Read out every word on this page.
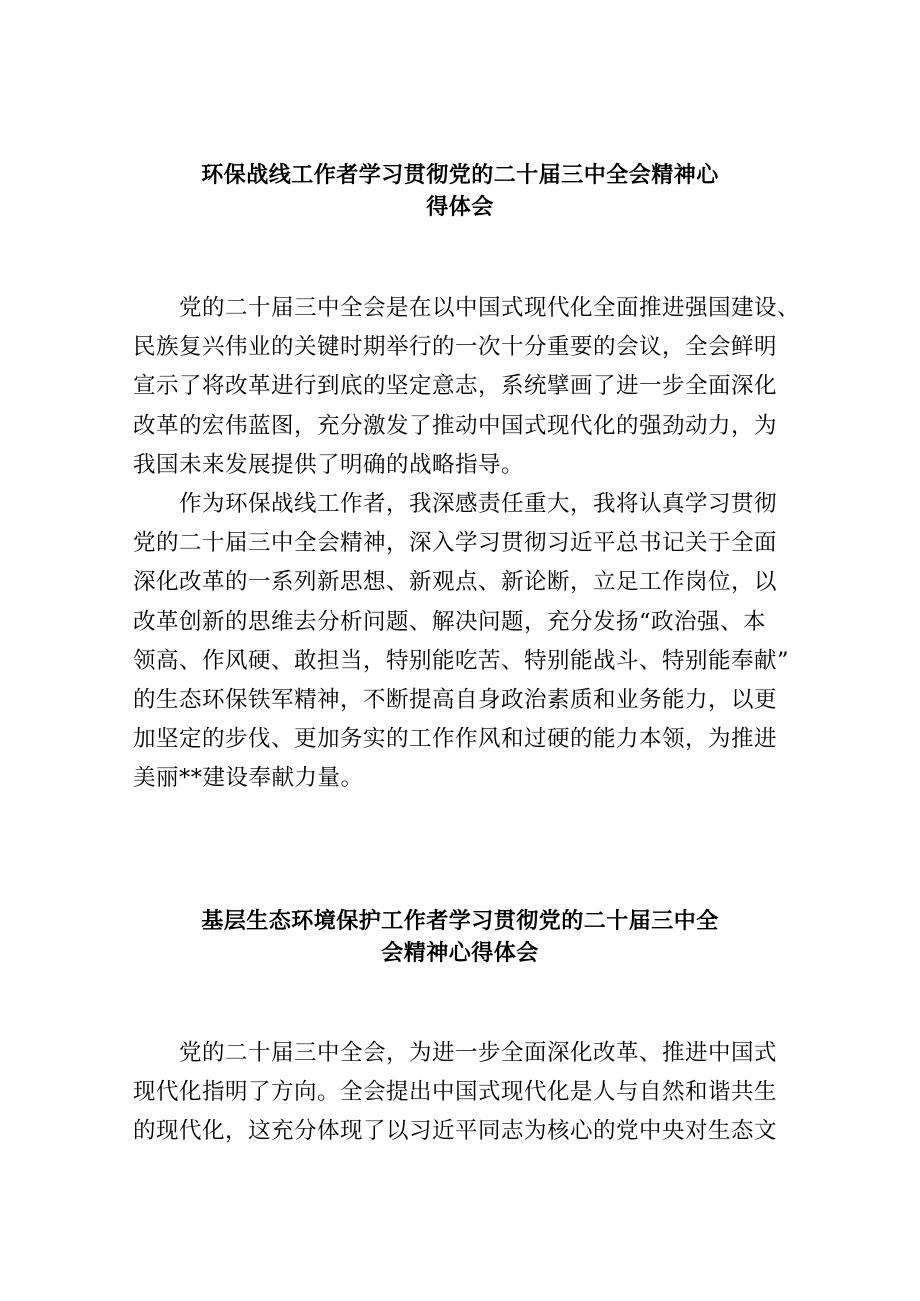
环保战线工作者学习贯彻党的二十届三中全会精神心
得体会

党的二十届三中全会是在以中国式现代化全面推进强国建设、
民族复兴伟业的关键时期举行的一次十分重要的会议，全会鲜明
宣示了将改革进行到底的坚定意志，系统擘画了进一步全面深化
改革的宏伟蓝图，充分激发了推动中国式现代化的强劲动力，为
我国未来发展提供了明确的战略指导。

作为环保战线工作者，我深感责任重大，我将认真学习贯彻
党的二十届三中全会精神，深入学习贯彻习近平总书记关于全面
深化改革的一系列新思想、新观点、新论断，立足工作岗位，以
改革创新的思维去分析问题、解决问题，充分发扬“政治强、本
领高、作风硬、敢担当，特别能吃苦、特别能战斗、特别能奉献”
的生态环保铁军精神，不断提高自身政治素质和业务能力，以更
加坚定的步伐、更加务实的工作作风和过硬的能力本领，为推进
美丽**建设奉献力量。

基层生态环境保护工作者学习贯彻党的二十届三中全
会精神心得体会

党的二十届三中全会，为进一步全面深化改革、推进中国式
现代化指明了方向。全会提出中国式现代化是人与自然和谐共生
的现代化，这充分体现了以习近平同志为核心的党中央对生态文
